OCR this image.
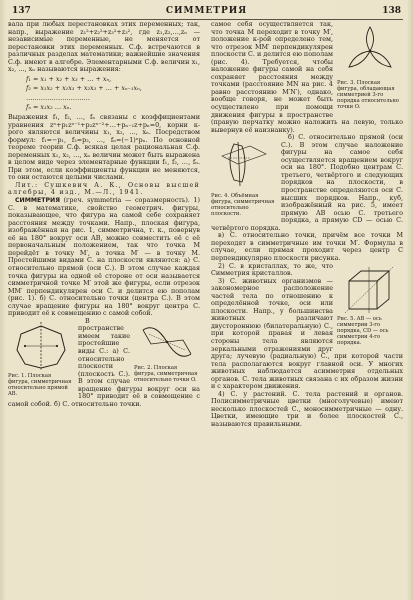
137	СИММЕТРИЯ	138

вала при любых перестановках этих переменных; так, напр., выражение z₁²+z₂²+z₃²+z₃², где z₁,z₂,…,zₙ — независимые переменные, не меняется от перестановки этих переменных. С.ф. встречаются в различных разделах математики; важнейшие значения С.ф. имеют в алгебре. Элементарными С.ф. величин x₁, x₂, …, xₙ называются выражения:

f₁ = x₁ + x₂ + x₃ + … + xₙ,
f₂ = x₁x₂ + x₁x₃ + x₂x₃ + … + xₙ₋₁xₙ,
…………………………
fₙ = x₁x₂ … xₙ.

Выражения f₁, f₂, …, fₙ связаны с коэффициентами уравнения zⁿ+p₁zⁿ⁻¹+p₂zⁿ⁻²+…+pₙ₋₁z+pₙ=0, корни к-рого являются величины x₁, x₂, …, xₙ. Посредством формул: f₁=−p₁, f₂=p₂, …, fₙ=(−1)ⁿpₙ. По основной теореме теории С.ф. всякая целая рациональная С.ф. переменных x₁, x₂, …, xₙ величин может быть выражена в целом виде через элементарные функции f₁, f₂, …, fₙ. При этом, если коэффициенты функции не меняются, то они остаются целыми числами.

Лит.: Сушкевич А. К., Основы высшей алгебры, 4 изд., М.—Л., 1941.

СИММЕТРИЯ (греч. symmetria — соразмерность). 1) С. в математике, свойство геометрич. фигуры, показывающее, что фигура на самой себе сохраняет расстояния между точками. Напр., плоская фигура, изображённая на рис. 1, симметрична, т. к., повернув её на 180° вокруг оси AB, можно совместить её с её первоначальным положением, так что точка M перейдёт в точку M′, а точка M′ — в точку M. Простейшими видами С. на плоскости являются: а) С. относительно прямой (оси С.). В этом случае каждая точка фигуры на одной её стороне от оси называется симметричной точке M′ этой же фигуры, если отрезок MM′ перпендикулярен оси С. и делится ею пополам (рис. 1). б) С. относительно точки (центра С.). В этом случае вращение фигуры на 180° вокруг центра С. приводит её к совмещению с самой собой.

Рис. 1. Плоская фигура, симметричная относительно прямой AB.
Рис. 2. Плоская фигура, симметричная относительно точки O.

В пространстве имеем такие простейшие виды С.: а) С. относительно плоскости (плоскость С.). В этом случае вращение фигуры вокруг оси на 180° приводит её в совмещение с самой собой. б) С. относительно точки.

Рис. 3. Плоская фигура, обладающая симметрией 3-го порядка относительно точки O.

самое себя осуществляется так, что точка M переходит в точку M′, положение к-рой определено тем, что отрезок MM′ перпендикулярен плоскости С. и делится ею пополам (рис. 4). Требуется, чтобы наложение фигуры самой на себя сохраняет расстояния между точками (расстояние MN на рис. 4 равно расстоянию M′N′), однако, вообще говоря, не может быть осуществлено при помощи движения фигуры в пространстве (правую перчатку можно наложить на левую, только вывернув её наизнанку).

Рис. 4. Объёмная фигура, симметричная относительно плоскости.

б) С. относительно прямой (оси С.). В этом случае наложение фигуры на самое себя осуществляется вращением вокруг оси на 180°. Подобно центрам С. третьего, четвёртого и следующих порядков на плоскости, в пространстве определяются оси С. высших порядков. Напр., куб, изображённый на рис. 5, имеет прямую AB осью С. третьего порядка, а прямую CD — осью С. четвёртого порядка.

в) С. относительно точки, причём все точки M переходят в симметричные им точки M′. Формулы в случае, если прямая проходит через центр C перпендикулярно плоскости рисунка.

Рис. 5. AB — ось симметрии 3-го порядка, CD — ось симметрии 4-го порядка.

2) С. в кристаллах, то же, что Симметрия кристаллов.

3) С. животных организмов — закономерное расположение частей тела по отношению к определённой точке, оси или плоскости. Напр., у большинства животных различают двустороннюю (билатеральную) С., при которой правая и левая стороны тела являются зеркальными отражениями друг друга; лучевую (радиальную) С., при которой части тела располагаются вокруг главной оси. У многих животных наблюдается асимметрия отдельных органов. С. тела животных связана с их образом жизни и с характером движения.

4) С. у растений. С. тела растений и органов. Полисимметричные цветки (многолучевые) имеют несколько плоскостей С., моносимметричные — одну. Цветки, имеющие три и более плоскостей С., называются правильными.
